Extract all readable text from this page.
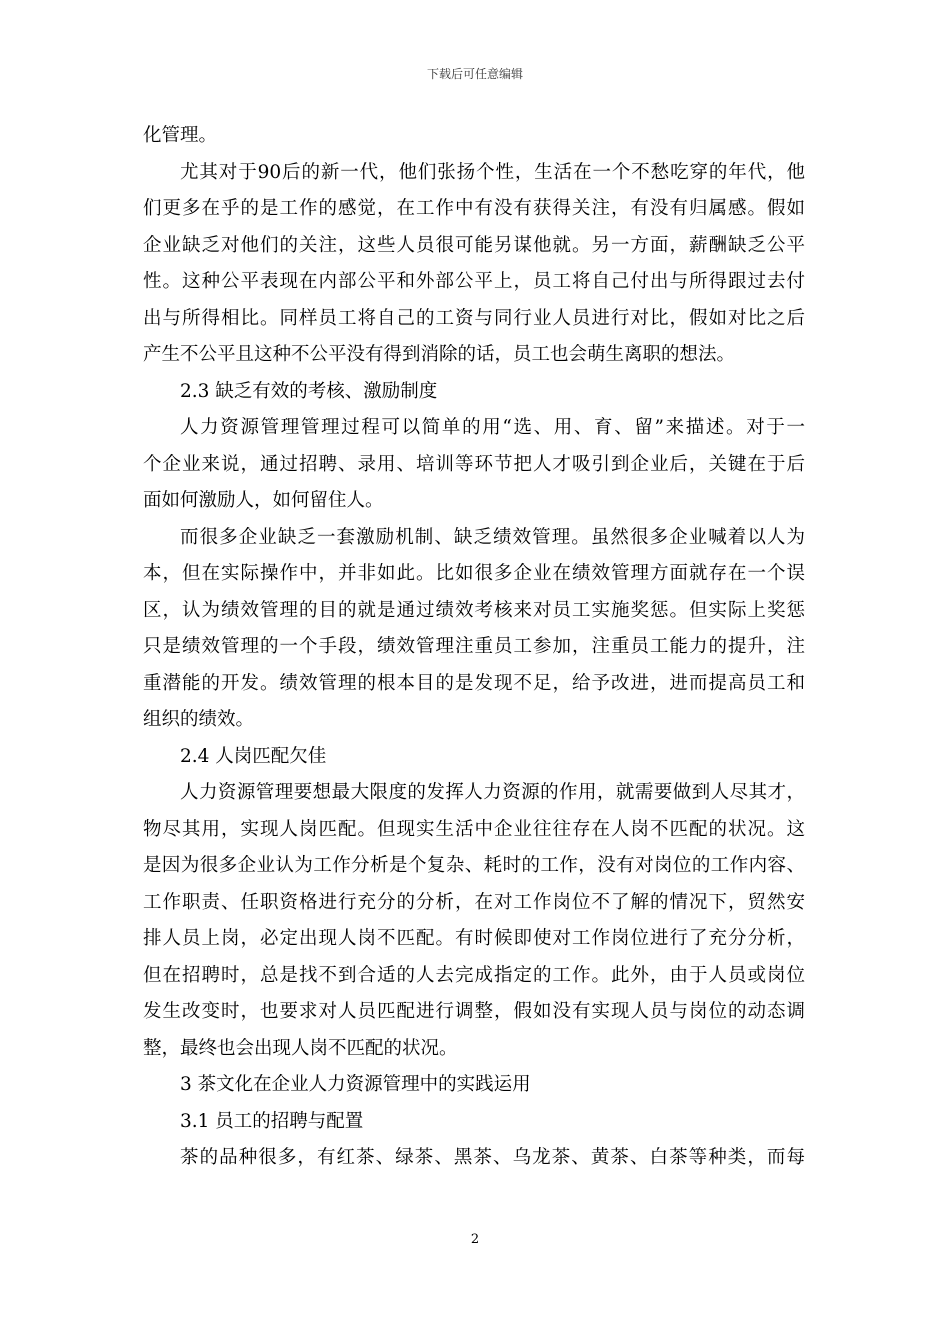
下载后可任意编辑
化管理。
尤其对于90后的新一代，他们张扬个性，生活在一个不愁吃穿的年代，他
们更多在乎的是工作的感觉，在工作中有没有获得关注，有没有归属感。假如
企业缺乏对他们的关注，这些人员很可能另谋他就。另一方面，薪酬缺乏公平
性。这种公平表现在内部公平和外部公平上，员工将自己付出与所得跟过去付
出与所得相比。同样员工将自己的工资与同行业人员进行对比，假如对比之后
产生不公平且这种不公平没有得到消除的话，员工也会萌生离职的想法。
2.3 缺乏有效的考核、激励制度
人力资源管理管理过程可以简单的用“选、用、育、留”来描述。对于一
个企业来说，通过招聘、录用、培训等环节把人才吸引到企业后，关键在于后
面如何激励人，如何留住人。
而很多企业缺乏一套激励机制、缺乏绩效管理。虽然很多企业喊着以人为
本，但在实际操作中，并非如此。比如很多企业在绩效管理方面就存在一个误
区，认为绩效管理的目的就是通过绩效考核来对员工实施奖惩。但实际上奖惩
只是绩效管理的一个手段，绩效管理注重员工参加，注重员工能力的提升，注
重潜能的开发。绩效管理的根本目的是发现不足，给予改进，进而提高员工和
组织的绩效。
2.4 人岗匹配欠佳
人力资源管理要想最大限度的发挥人力资源的作用，就需要做到人尽其才，
物尽其用，实现人岗匹配。但现实生活中企业往往存在人岗不匹配的状况。这
是因为很多企业认为工作分析是个复杂、耗时的工作，没有对岗位的工作内容、
工作职责、任职资格进行充分的分析，在对工作岗位不了解的情况下，贸然安
排人员上岗，必定出现人岗不匹配。有时候即使对工作岗位进行了充分分析，
但在招聘时，总是找不到合适的人去完成指定的工作。此外，由于人员或岗位
发生改变时，也要求对人员匹配进行调整，假如没有实现人员与岗位的动态调
整，最终也会出现人岗不匹配的状况。
3 茶文化在企业人力资源管理中的实践运用
3.1 员工的招聘与配置
茶的品种很多，有红茶、绿茶、黑茶、乌龙茶、黄茶、白茶等种类，而每
2
